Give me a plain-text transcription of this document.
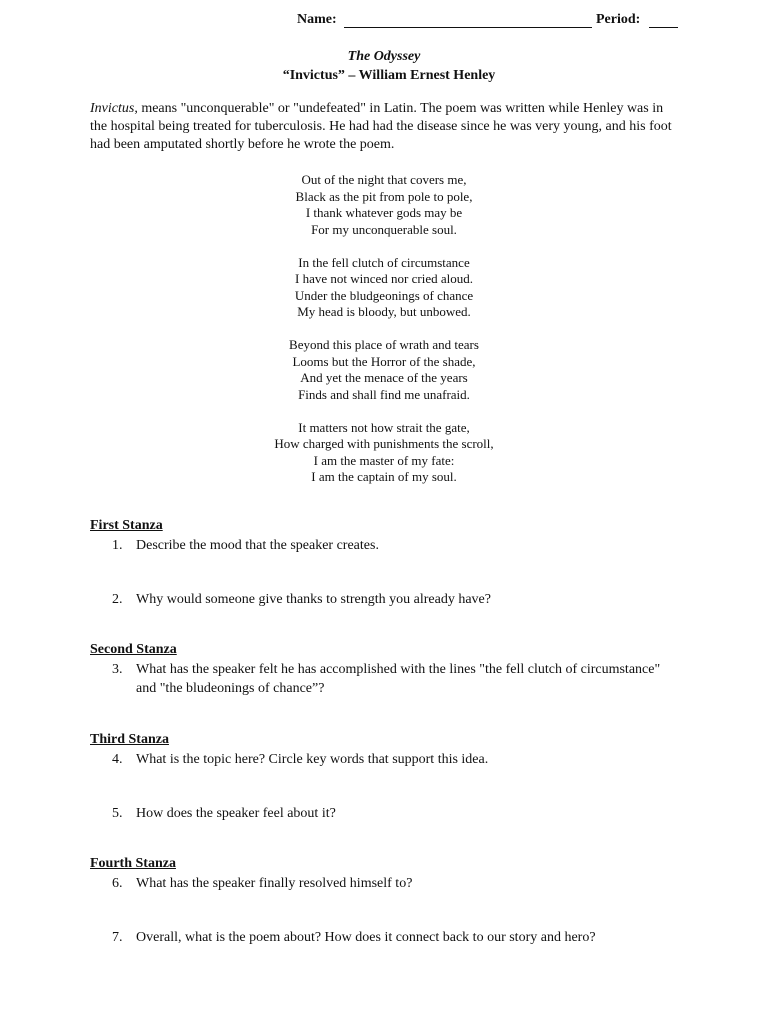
Name:	Period:
The Odyssey
“Invictus” – William Ernest Henley
Invictus, means "unconquerable" or "undefeated" in Latin. The poem was written while Henley was in the hospital being treated for tuberculosis. He had had the disease since he was very young, and his foot had been amputated shortly before he wrote the poem.
Out of the night that covers me,
Black as the pit from pole to pole,
I thank whatever gods may be
For my unconquerable soul.
In the fell clutch of circumstance
I have not winced nor cried aloud.
Under the bludgeonings of chance
My head is bloody, but unbowed.
Beyond this place of wrath and tears
Looms but the Horror of the shade,
And yet the menace of the years
Finds and shall find me unafraid.
It matters not how strait the gate,
How charged with punishments the scroll,
I am the master of my fate:
I am the captain of my soul.
First Stanza
1. Describe the mood that the speaker creates.
2. Why would someone give thanks to strength you already have?
Second Stanza
3. What has the speaker felt he has accomplished with the lines "the fell clutch of circumstance" and "the bludeonings of chance”?
Third Stanza
4. What is the topic here? Circle key words that support this idea.
5. How does the speaker feel about it?
Fourth Stanza
6. What has the speaker finally resolved himself to?
7. Overall, what is the poem about? How does it connect back to our story and hero?
